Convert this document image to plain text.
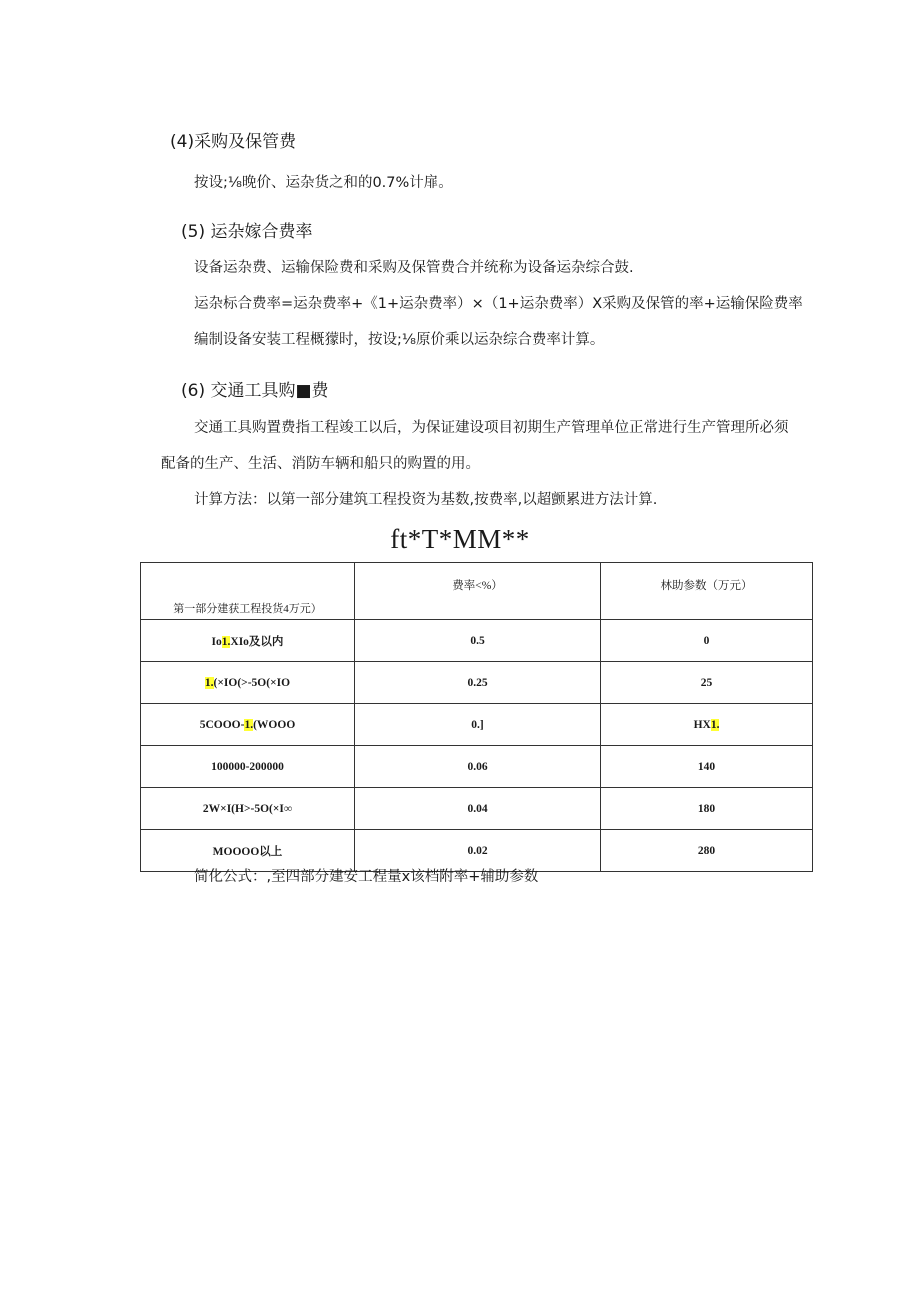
(4)采购及保管费
按设;⅛晚价、运杂货之和的0.7%计扉。
(5) 运杂嫁合费率
设备运杂费、运输保险费和采购及保管费合并统称为设备运杂综合鼓.
运杂标合费率=运杂费率+《1+运杂费率）×（1+运杂费率）X采购及保管的率+运输保险费率
编制设备安装工程概獴时，按设;⅛原价乘以运杂综合费率计算。
(6) 交通工具购■费
交通工具购置费指工程竣工以后，为保证建设项目初期生产管理单位正常进行生产管理所必须
配备的生产、生活、消防车辆和船只的购置的用。
计算方法：以第一部分建筑工程投资为基数,按费率,以超颤累进方法计算.
ft*T*MM**
第一部分建获工程投货4万元）	费率<%）	林助参数（万元）
Io1.XIo及以内	0.5	0
1.(×IO(>-5O(×IO	0.25	25
5COOO-1.(WOOO	0.]	HX1.
100000-200000	0.06	140
2W×I(H>-5O(×I∞	0.04	180
MOOOO以上	0.02	280
简化公式：,至四部分建安工程量x该档附率+辅助参数
